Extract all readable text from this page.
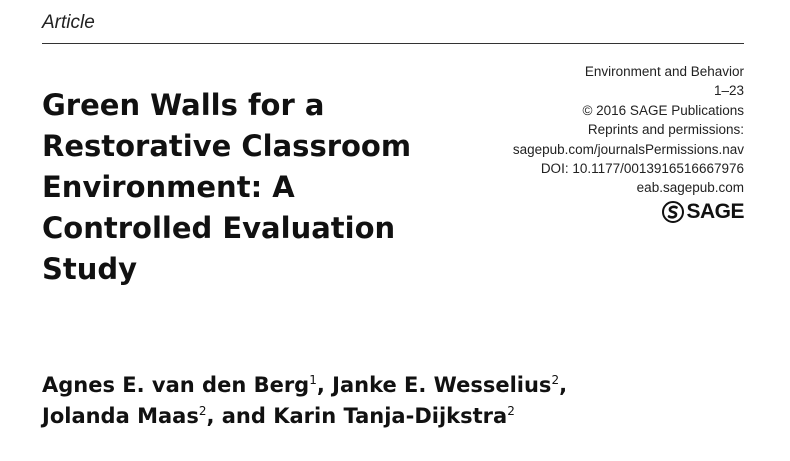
Article
Green Walls for a
Restorative Classroom
Environment: A
Controlled Evaluation
Study
Environment and Behavior
1–23
© 2016 SAGE Publications
Reprints and permissions:
sagepub.com/journalsPermissions.nav
DOI: 10.1177/0013916516667976
eab.sagepub.com
SAGE
Agnes E. van den Berg$^1$, Janke E. Wesselius$^2$,
Jolanda Maas$^2$, and Karin Tanja-Dijkstra$^2$
